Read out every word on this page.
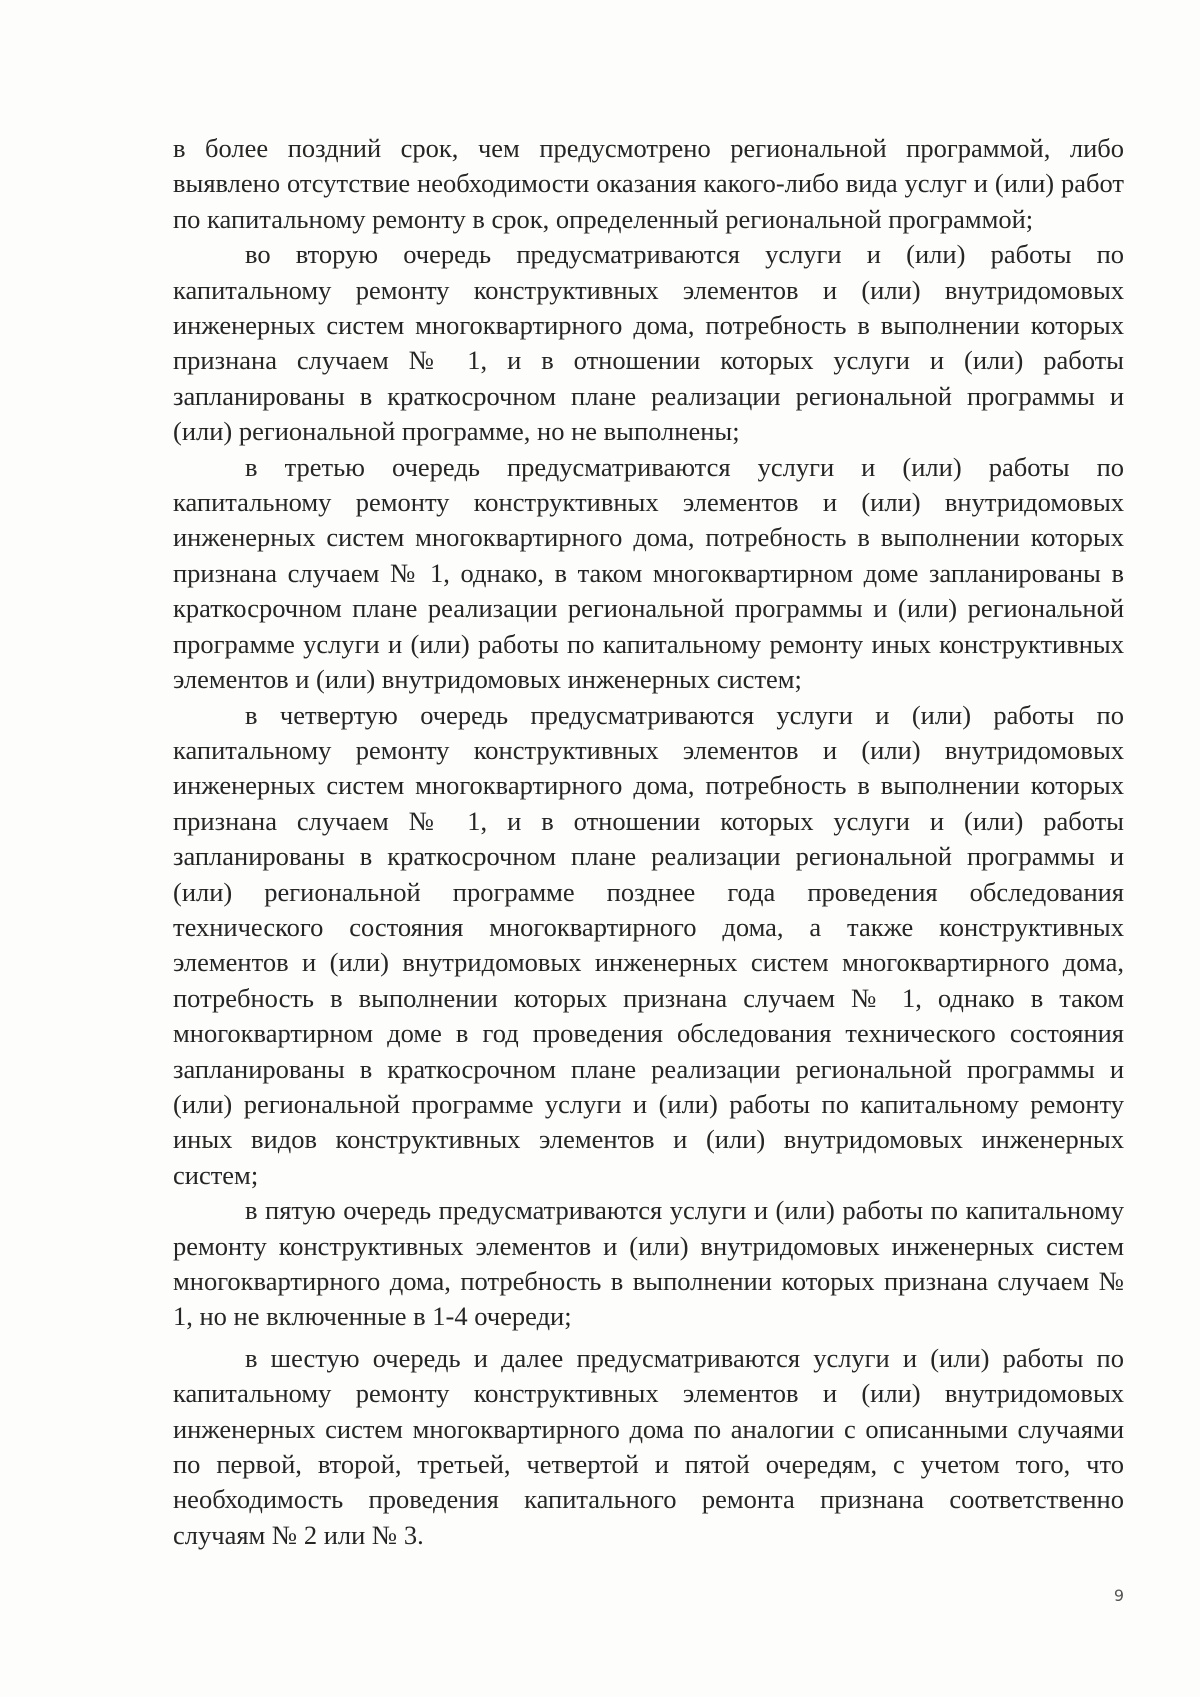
в более поздний срок, чем предусмотрено региональной программой, либо выявлено отсутствие необходимости оказания какого-либо вида услуг и (или) работ по капитальному ремонту в срок, определенный региональной программой;

во вторую очередь предусматриваются услуги и (или) работы по капитальному ремонту конструктивных элементов и (или) внутридомовых инженерных систем многоквартирного дома, потребность в выполнении которых признана случаем № 1, и в отношении которых услуги и (или) работы запланированы в краткосрочном плане реализации региональной программы и (или) региональной программе, но не выполнены;

в третью очередь предусматриваются услуги и (или) работы по капитальному ремонту конструктивных элементов и (или) внутридомовых инженерных систем многоквартирного дома, потребность в выполнении которых признана случаем № 1, однако, в таком многоквартирном доме запланированы в краткосрочном плане реализации региональной программы и (или) региональной программе услуги и (или) работы по капитальному ремонту иных конструктивных элементов и (или) внутридомовых инженерных систем;

в четвертую очередь предусматриваются услуги и (или) работы по капитальному ремонту конструктивных элементов и (или) внутридомовых инженерных систем многоквартирного дома, потребность в выполнении которых признана случаем № 1, и в отношении которых услуги и (или) работы запланированы в краткосрочном плане реализации региональной программы и (или) региональной программе позднее года проведения обследования технического состояния многоквартирного дома, а также конструктивных элементов и (или) внутридомовых инженерных систем многоквартирного дома, потребность в выполнении которых признана случаем № 1, однако в таком многоквартирном доме в год проведения обследования технического состояния запланированы в краткосрочном плане реализации региональной программы и (или) региональной программе услуги и (или) работы по капитальному ремонту иных видов конструктивных элементов и (или) внутридомовых инженерных систем;

в пятую очередь предусматриваются услуги и (или) работы по капитальному ремонту конструктивных элементов и (или) внутридомовых инженерных систем многоквартирного дома, потребность в выполнении которых признана случаем № 1, но не включенные в 1-4 очереди;

в шестую очередь и далее предусматриваются услуги и (или) работы по капитальному ремонту конструктивных элементов и (или) внутридомовых инженерных систем многоквартирного дома по аналогии с описанными случаями по первой, второй, третьей, четвертой и пятой очередям, с учетом того, что необходимость проведения капитального ремонта признана соответственно случаям № 2 или № 3.

9
